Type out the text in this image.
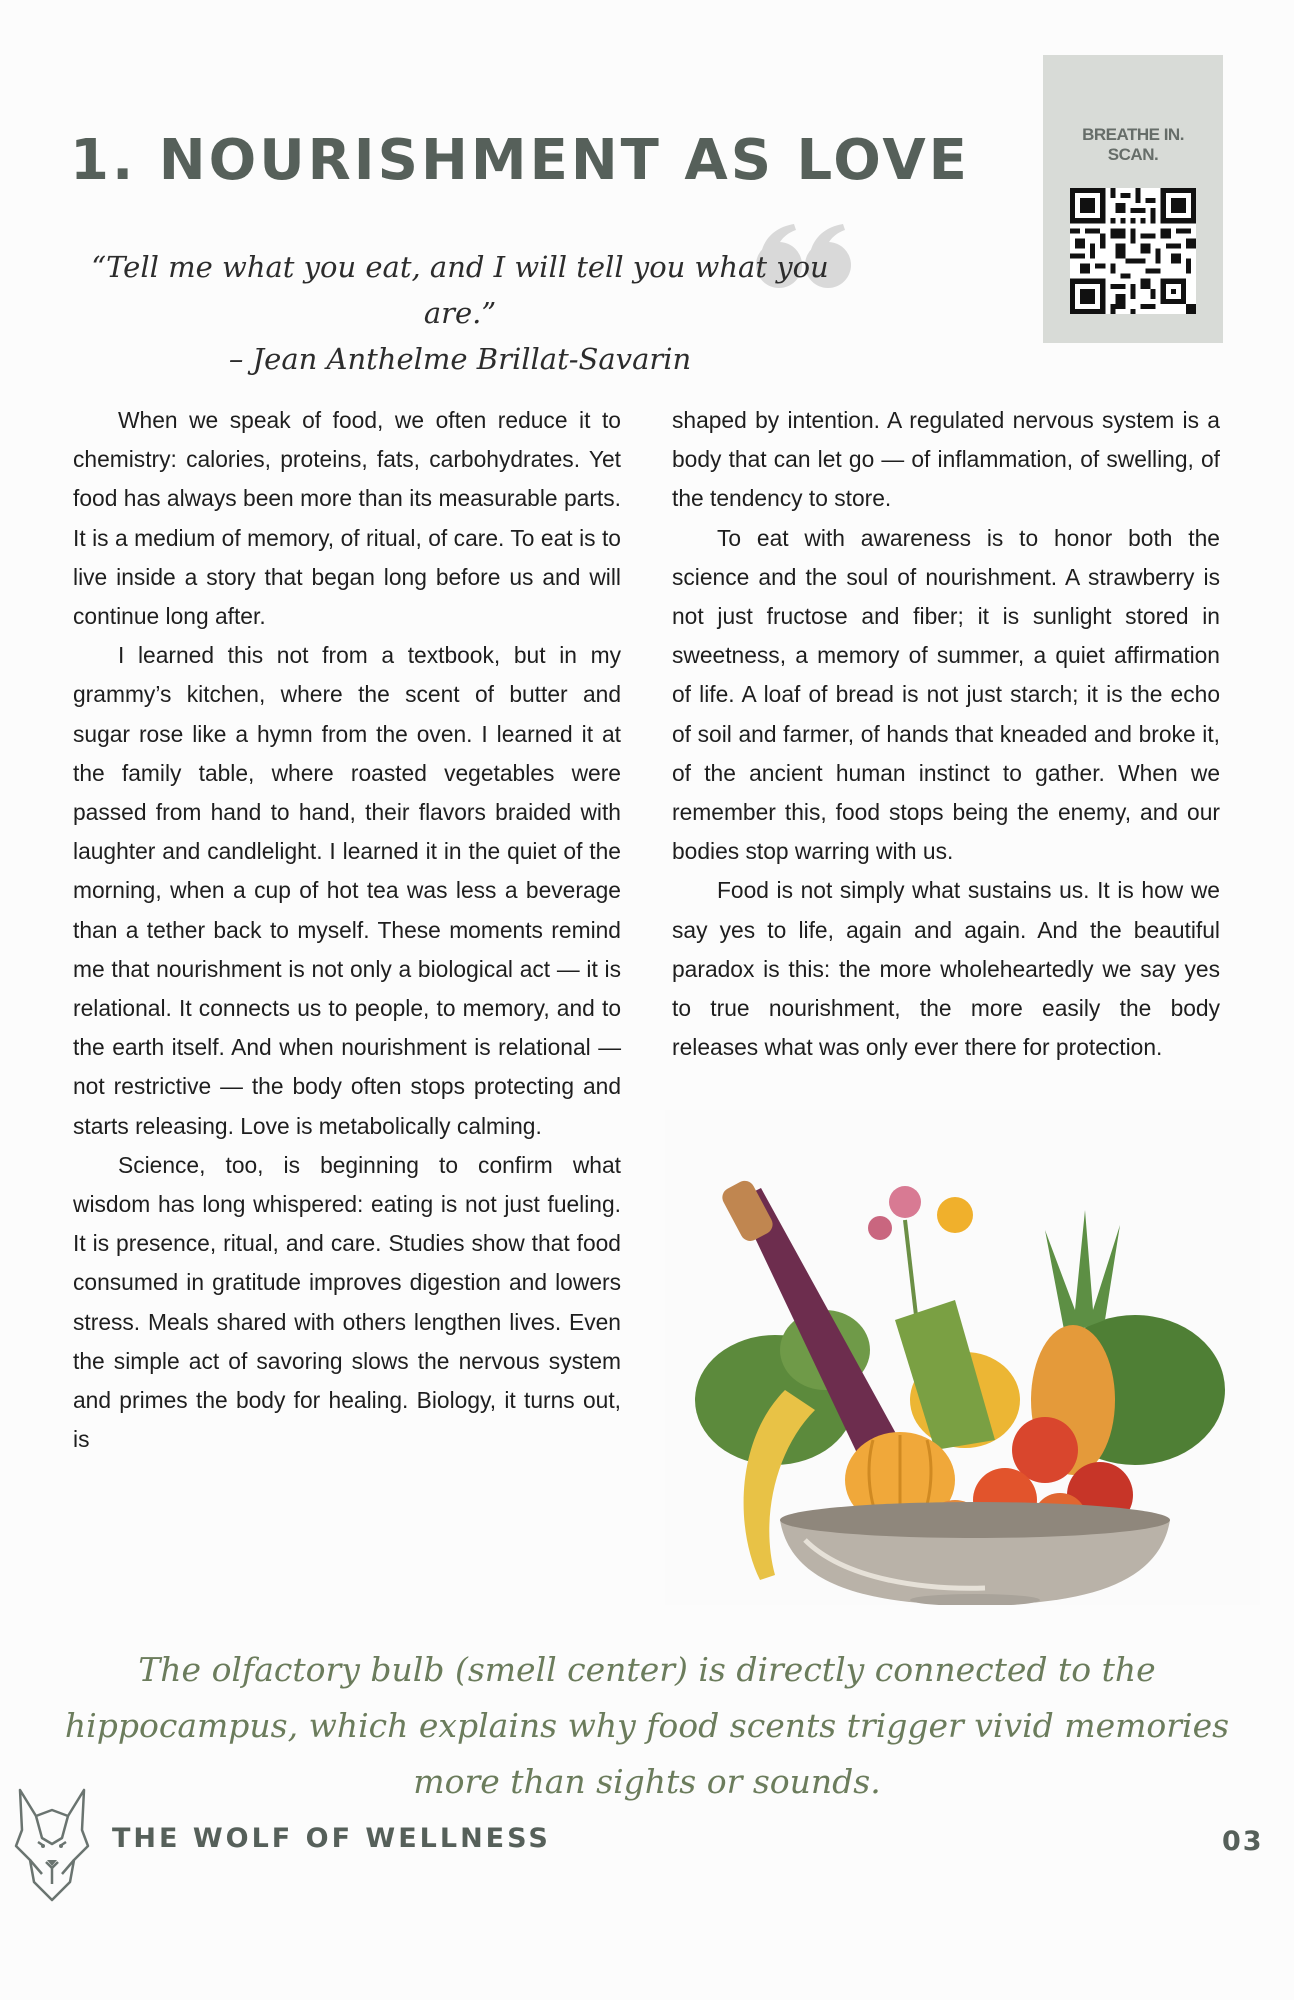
1. NOURISHMENT AS LOVE

“Tell me what you eat, and I will tell you what you are.”
– Jean Anthelme Brillat-Savarin

BREATHE IN.
SCAN.

When we speak of food, we often reduce it to chemistry: calories, proteins, fats, carbohydrates. Yet food has always been more than its measurable parts. It is a medium of memory, of ritual, of care. To eat is to live inside a story that began long before us and will continue long after.

I learned this not from a textbook, but in my grammy’s kitchen, where the scent of butter and sugar rose like a hymn from the oven. I learned it at the family table, where roasted vegetables were passed from hand to hand, their flavors braided with laughter and candlelight. I learned it in the quiet of the morning, when a cup of hot tea was less a beverage than a tether back to myself. These moments remind me that nourishment is not only a biological act — it is relational. It connects us to people, to memory, and to the earth itself. And when nourishment is relational — not restrictive — the body often stops protecting and starts releasing. Love is metabolically calming.

Science, too, is beginning to confirm what wisdom has long whispered: eating is not just fueling. It is presence, ritual, and care. Studies show that food consumed in gratitude improves digestion and lowers stress. Meals shared with others lengthen lives. Even the simple act of savoring slows the nervous system and primes the body for healing. Biology, it turns out, is

shaped by intention. A regulated nervous system is a body that can let go — of inflammation, of swelling, of the tendency to store.

To eat with awareness is to honor both the science and the soul of nourishment. A strawberry is not just fructose and fiber; it is sunlight stored in sweetness, a memory of summer, a quiet affirmation of life. A loaf of bread is not just starch; it is the echo of soil and farmer, of hands that kneaded and broke it, of the ancient human instinct to gather. When we remember this, food stops being the enemy, and our bodies stop warring with us.

Food is not simply what sustains us. It is how we say yes to life, again and again. And the beautiful paradox is this: the more wholeheartedly we say yes to true nourishment, the more easily the body releases what was only ever there for protection.

The olfactory bulb (smell center) is directly connected to the hippocampus, which explains why food scents trigger vivid memories more than sights or sounds.

THE WOLF OF WELLNESS	03
